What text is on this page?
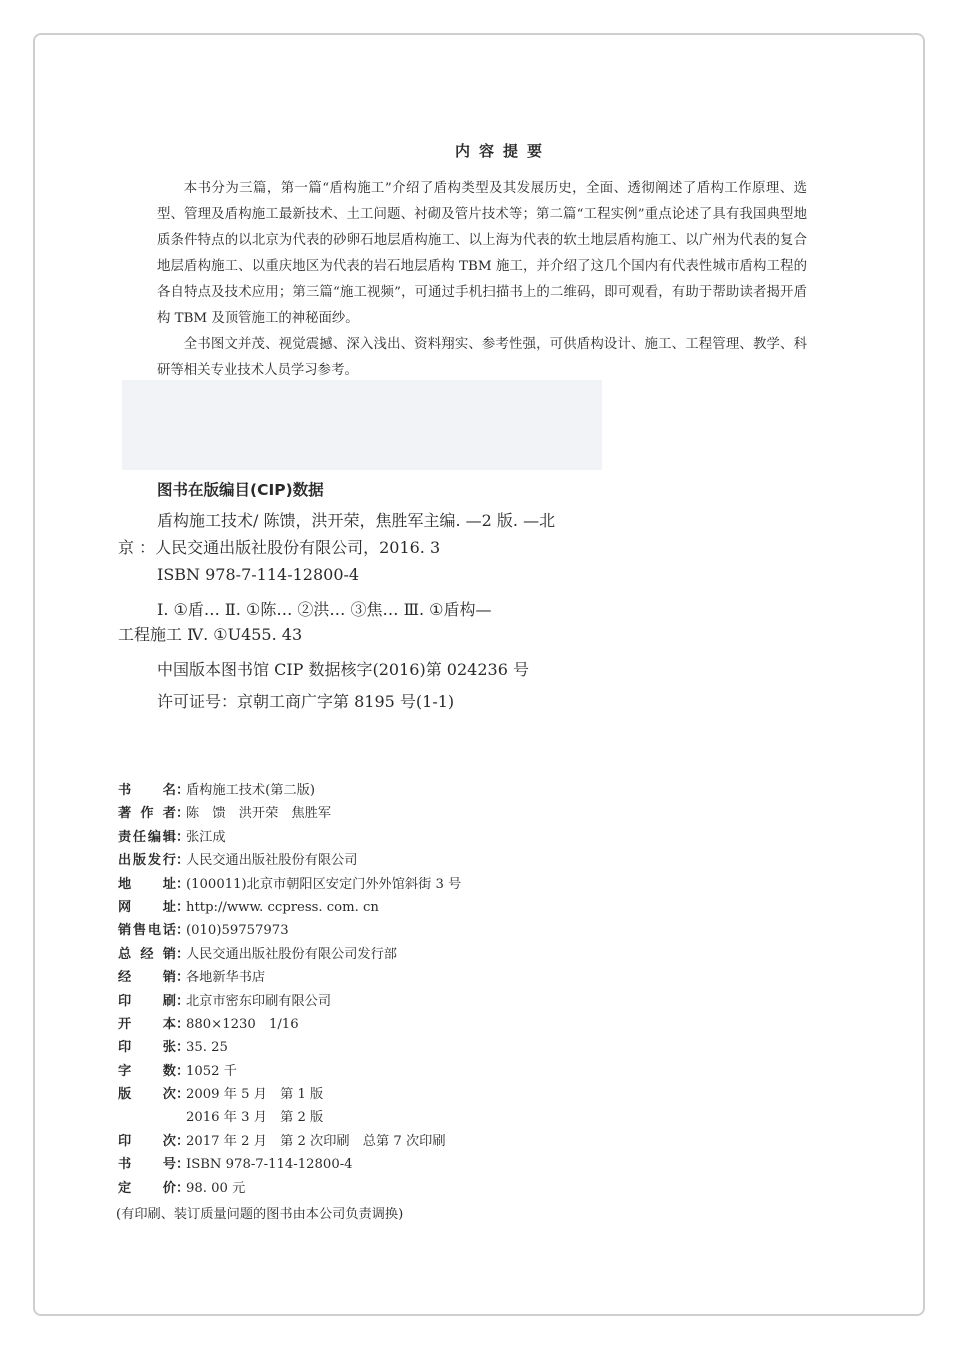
内容提要

本书分为三篇，第一篇“盾构施工”介绍了盾构类型及其发展历史，全面、透彻阐述了盾构工作原理、选型、管理及盾构施工最新技术、土工问题、衬砌及管片技术等；第二篇“工程实例”重点论述了具有我国典型地质条件特点的以北京为代表的砂卵石地层盾构施工、以上海为代表的软土地层盾构施工、以广州为代表的复合地层盾构施工、以重庆地区为代表的岩石地层盾构 TBM 施工，并介绍了这几个国内有代表性城市盾构工程的各自特点及技术应用；第三篇“施工视频”，可通过手机扫描书上的二维码，即可观看，有助于帮助读者揭开盾构 TBM 及顶管施工的神秘面纱。

全书图文并茂、视觉震撼、深入浅出、资料翔实、参考性强，可供盾构设计、施工、工程管理、教学、科研等相关专业技术人员学习参考。

图书在版编目(CIP)数据
盾构施工技术/ 陈馈，洪开荣，焦胜军主编. —2 版. —北
京 ：人民交通出版社股份有限公司，2016. 3
ISBN 978-7-114-12800-4
Ⅰ. ①盾… Ⅱ. ①陈… ②洪… ③焦… Ⅲ. ①盾构—
工程施工 Ⅳ. ①U455. 43
中国版本图书馆 CIP 数据核字(2016)第 024236 号
许可证号：京朝工商广字第 8195 号(1-1)
书名 ：
盾构施工技术(第二版)
著作者 ：
陈　馈　洪开荣　焦胜军
责任编辑 ：
张江成
出版发行 ：
人民交通出版社股份有限公司
地址 ：
(100011)北京市朝阳区安定门外外馆斜街 3 号
网址 ：
http://www. ccpress. com. cn
销售电话 ：
(010)59757973
总经销 ：
人民交通出版社股份有限公司发行部
经销 ：
各地新华书店
印刷 ：
北京市密东印刷有限公司
开本 ：
880×1230　1/16
印张 ：
35. 25
字数 ：
1052 千
版次 ：
2009 年 5 月　第 1 版
2016 年 3 月　第 2 版
印次 ：
2017 年 2 月　第 2 次印刷　总第 7 次印刷
书号 ：
ISBN 978-7-114-12800-4
定价 ：
98. 00 元
(有印刷、装订质量问题的图书由本公司负责调换)
